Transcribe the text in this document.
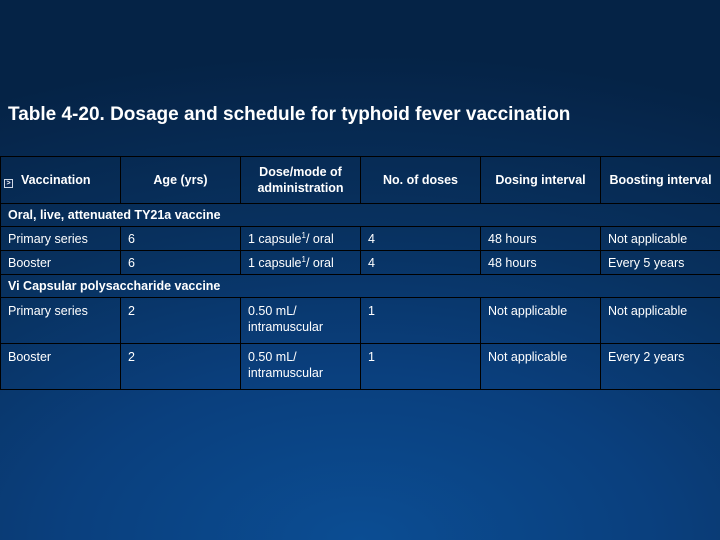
Table 4-20. Dosage and schedule for typhoid fever vaccination
> Vaccination	Age (yrs)	Dose/mode of administration	No. of doses	Dosing interval	Boosting interval
Oral, live, attenuated TY21a vaccine					
Primary series	6	1 capsule$^1$/ oral	4	48 hours	Not applicable
Booster	6	1 capsule$^1$/ oral	4	48 hours	Every 5 years
Vi Capsular polysaccharide vaccine					
Primary series	2	0.50 mL/ intramuscular	1	Not applicable	Not applicable
Booster	2	0.50 mL/ intramuscular	1	Not applicable	Every 2 years
